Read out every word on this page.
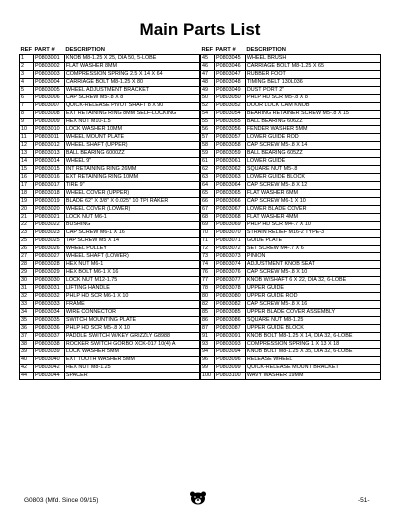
Main Parts List
REF	PART #	DESCRIPTION
1	P0803001	KNOB M8-1.25 X 25, DIA 50, 5-LOBE
2	P0803002	FLAT WASHER 8MM
3	P0803003	COMPRESSION SPRING 2.5 X 14 X 64
4	P0803004	CARRIAGE BOLT M8-1.25 X 80
5	P0803005	WHEEL ADJUSTMENT BRACKET
6	P0803006	CAP SCREW M5-.8 X 8
7	P0803007	QUICK-RELEASE PIVOT SHAFT 8 X 90
8	P0803008	EXT RETAINING RING 8MM SELF-LOCKING
9	P0803009	HEX NUT M10-1.5
10	P0803010	LOCK WASHER 10MM
11	P0803011	WHEEL MOUNT PLATE
12	P0803012	WHEEL SHAFT (UPPER)
13	P0803013	BALL BEARING 6000ZZ
14	P0803014	WHEEL 9"
15	P0803015	INT RETAINING RING 26MM
16	P0803016	EXT RETAINING RING 10MM
17	P0803017	TIRE 9"
18	P0803018	WHEEL COVER (UPPER)
19	P0803019	BLADE 62" X 3/8" X 0.025" 10 TPI RAKER
20	P0803020	WHEEL COVER (LOWER)
21	P0803021	LOCK NUT M6-1
22	P0803022	BUSHING
23	P0803023	CAP SCREW M6-1 X 16
25	P0803025	TAP SCREW M5 X 14
26	P0803026	WHEEL PULLEY
27	P0803027	WHEEL SHAFT (LOWER)
28	P0803028	HEX NUT M6-1
29	P0803029	HEX BOLT M6-1 X 16
30	P0803030	LOCK NUT M12-1.75
31	P0803031	LIFTING HANDLE
32	P0803032	PHLP HD SCR M6-1 X 10
33	P0803033	FRAME
34	P0803034	WIRE CONNECTOR
35	P0803035	SWITCH MOUNTING PLATE
36	P0803036	PHLP HD SCR M5-.8 X 10
37	P0803037	PADDLE SWITCH W/KEY GRIZZLY G8988
38	P0803038	ROCKER SWITCH GORBO XCK-017 10(4) A
39	P0803039	LOCK WASHER 5MM
40	P0803040	EXT TOOTH WASHER 5MM
42	P0803042	HEX NUT M8-1.25
44	P0803044	SPACER
REF	PART #	DESCRIPTION
45	P0803045	WHEEL BRUSH
46	P0803046	CARRIAGE BOLT M8-1.25 X 65
47	P0803047	RUBBER FOOT
48	P0803048	TIMING BELT 130L036
49	P0803049	DUST PORT 2"
50	P0803050	PHLP HD SCR M5-.8 X 8
52	P0803052	DOOR LOCK CAM KNOB
54	P0803054	BEARING RETAINER SCREW M5-.8 X 15
55	P0803055	BALL BEARING 606ZZ
56	P0803056	FENDER WASHER 5MM
57	P0803057	LOWER GUIDE ROD
58	P0803058	CAP SCREW M5-.8 X 14
59	P0803059	BALL BEARING 605ZZ
61	P0803061	LOWER GUIDE
62	P0803062	SQUARE NUT M5-.8
63	P0803063	LOWER GUIDE BLOCK
64	P0803064	CAP SCREW M5-.8 X 12
65	P0803065	FLAT WASHER 6MM
66	P0803066	CAP SCREW M6-1 X 10
67	P0803067	LOWER BLADE COVER
68	P0803068	FLAT WASHER 4MM
69	P0803069	PHLP HD SCR M4-.7 X 10
70	P0803070	STRAIN RELIEF M16-2 TYPE-3
71	P0803071	GUIDE PLATE
72	P0803072	SET SCREW M4-.7 X 6
73	P0803073	PINION
74	P0803074	ADJUSTMENT KNOB SEAT
76	P0803076	CAP SCREW M5-.8 X 10
77	P0803077	KNOB W/SHAFT 6 X 22, DIA 32, 6-LOBE
78	P0803078	UPPER GUIDE
80	P0803080	UPPER GUIDE ROD
82	P0803082	CAP SCREW M5-.8 X 16
85	P0803085	UPPER BLADE COVER ASSEMBLY
86	P0803086	SQUARE NUT M8-1.25
87	P0803087	UPPER GUIDE BLOCK
91	P0803091	KNOB BOLT M8-1.25 X 14, DIA 32, 6-LOBE
93	P0803093	COMPRESSION SPRING 1 X 13 X 18
94	P0803094	KNOB BOLT M8-1.25 X 35, DIA 32, 6-LOBE
96	P0803096	RELEASE WHEEL
99	P0803099	QUICK-RELEASE MOUNT BRACKET
100	P0803100	WAVY WASHER 19MM
G0803 (Mfd. Since 09/15)	-51-
